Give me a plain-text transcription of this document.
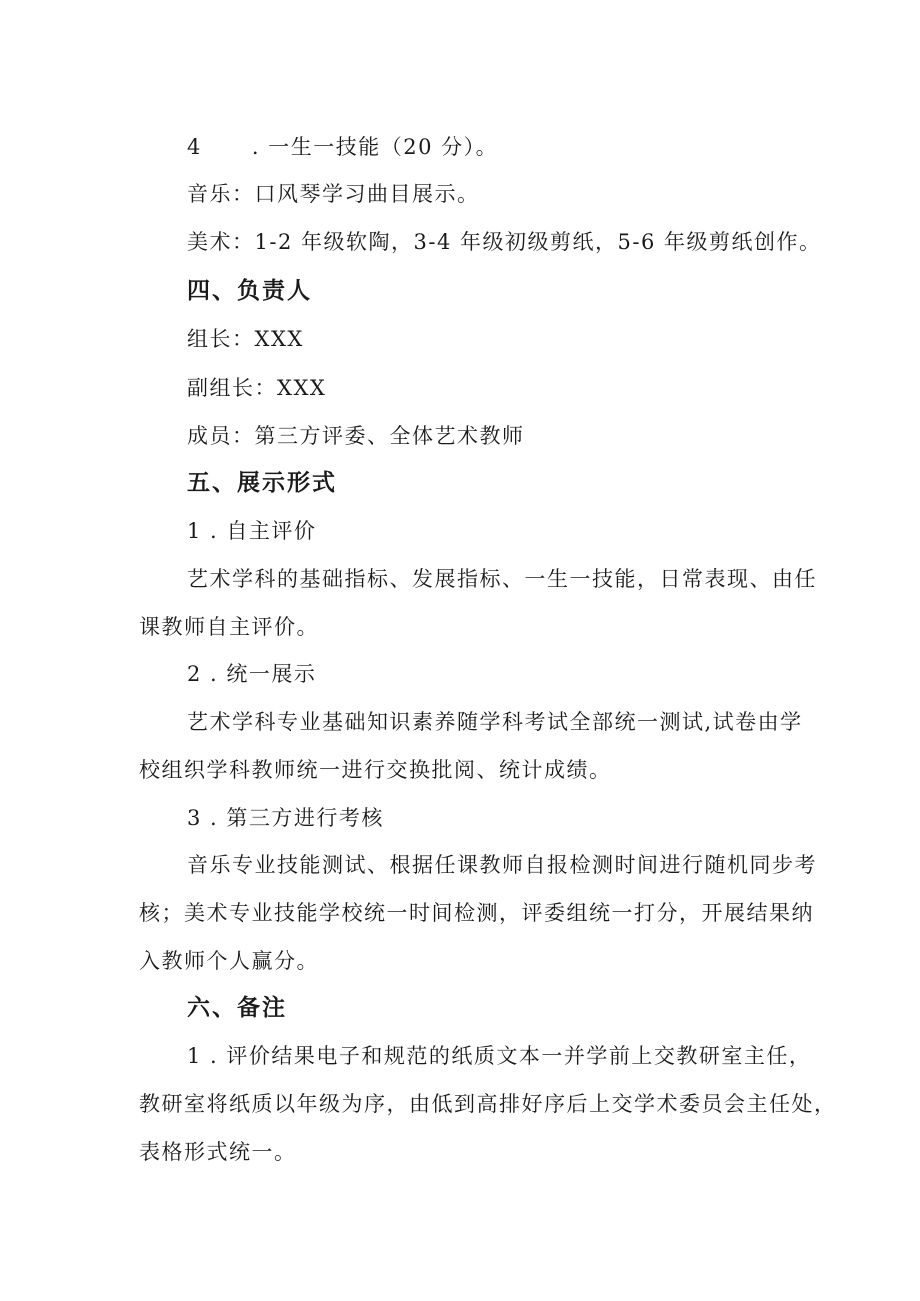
4 . 一生一技能（20 分）。
音乐：口风琴学习曲目展示。
美术：1-2 年级软陶，3-4 年级初级剪纸，5-6 年级剪纸创作。
四、负责人
组长：XXX
副组长：XXX
成员：第三方评委、全体艺术教师
五、展示形式
1 . 自主评价
艺术学科的基础指标、发展指标、一生一技能，日常表现、由任
课教师自主评价。
2 . 统一展示
艺术学科专业基础知识素养随学科考试全部统一测试,试卷由学
校组织学科教师统一进行交换批阅、统计成绩。
3 . 第三方进行考核
音乐专业技能测试、根据任课教师自报检测时间进行随机同步考
核；美术专业技能学校统一时间检测，评委组统一打分，开展结果纳
入教师个人赢分。
六、备注
1 . 评价结果电子和规范的纸质文本一并学前上交教研室主任，
教研室将纸质以年级为序，由低到高排好序后上交学术委员会主任处，
表格形式统一。
